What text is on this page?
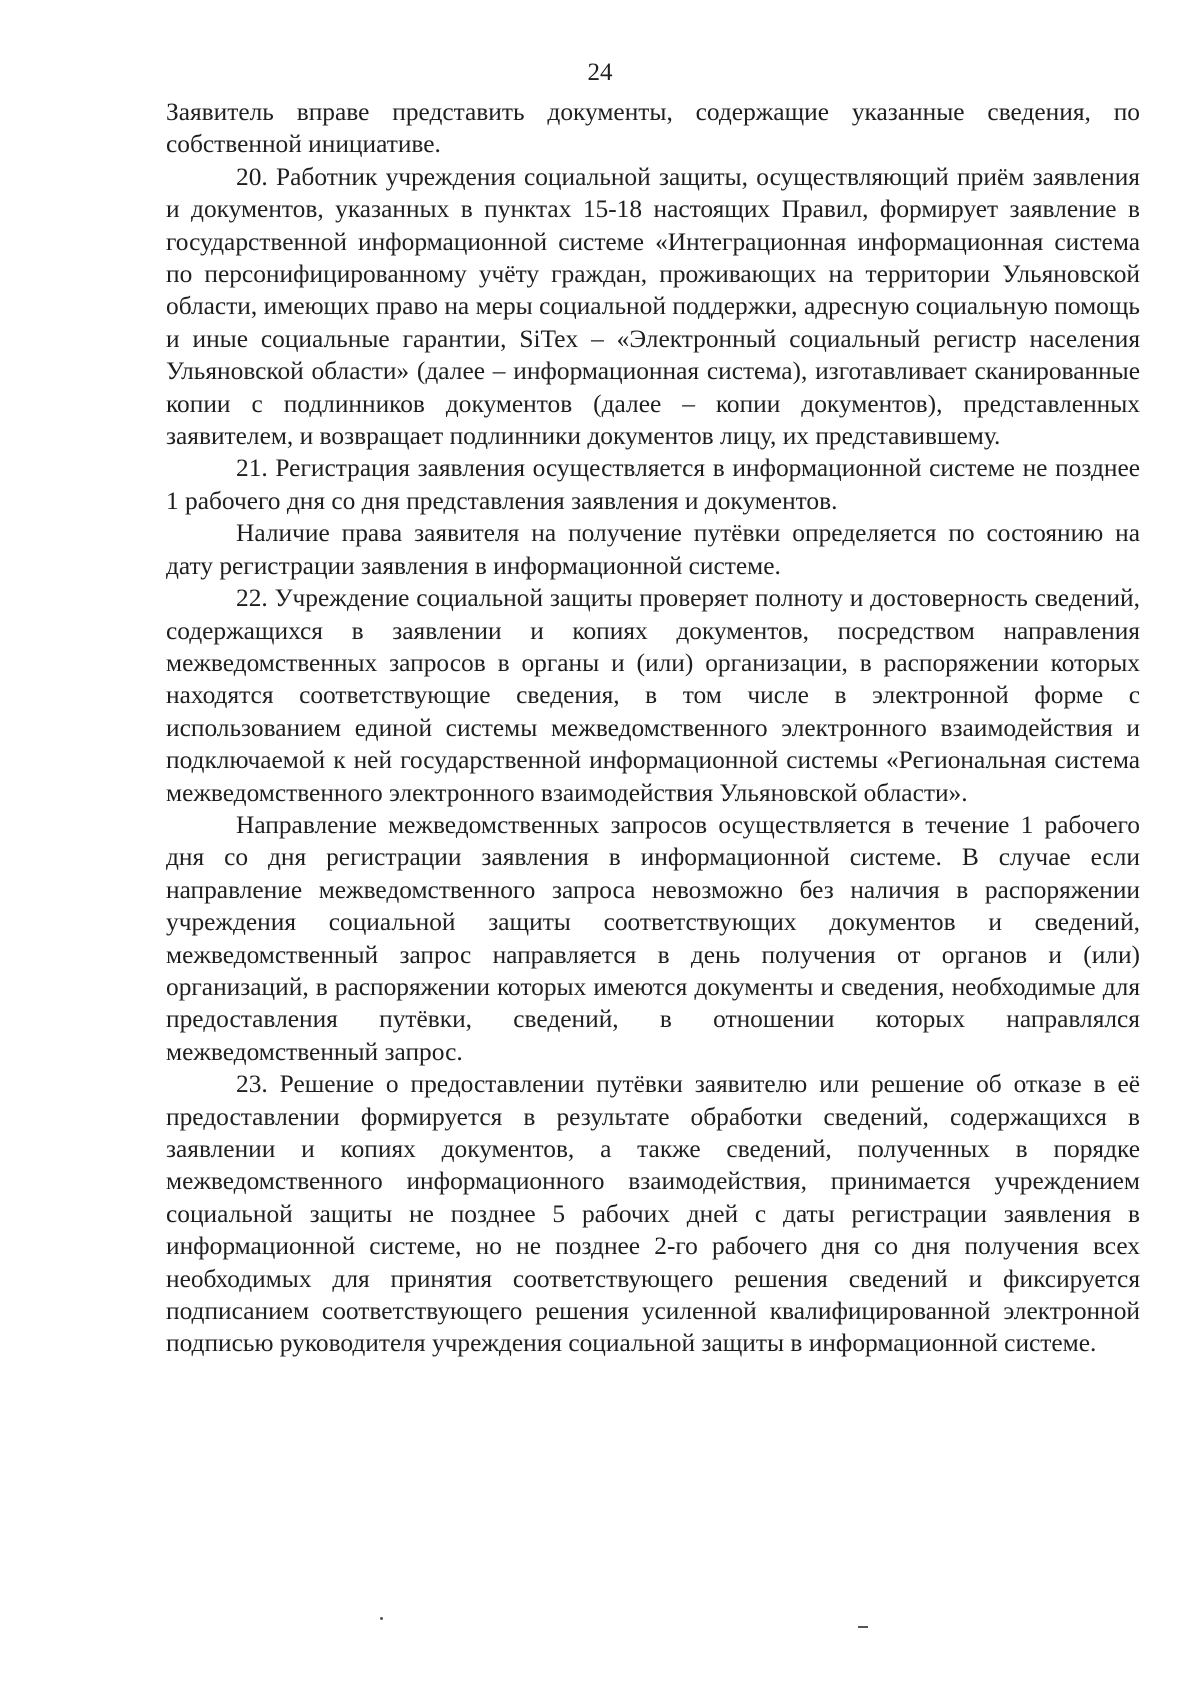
24

Заявитель вправе представить документы, содержащие указанные сведения, по собственной инициативе.

20. Работник учреждения социальной защиты, осуществляющий приём заявления и документов, указанных в пунктах 15-18 настоящих Правил, формирует заявление в государственной информационной системе «Интеграционная информационная система по персонифицированному учёту граждан, проживающих на территории Ульяновской области, имеющих право на меры социальной поддержки, адресную социальную помощь и иные социальные гарантии, SiTex – «Электронный социальный регистр населения Ульяновской области» (далее – информационная система), изготавливает сканированные копии с подлинников документов (далее – копии документов), представленных заявителем, и возвращает подлинники документов лицу, их представившему.

21. Регистрация заявления осуществляется в информационной системе не позднее 1 рабочего дня со дня представления заявления и документов.

Наличие права заявителя на получение путёвки определяется по состоянию на дату регистрации заявления в информационной системе.

22. Учреждение социальной защиты проверяет полноту и достоверность сведений, содержащихся в заявлении и копиях документов, посредством направления межведомственных запросов в органы и (или) организации, в распоряжении которых находятся соответствующие сведения, в том числе в электронной форме с использованием единой системы межведомственного электронного взаимодействия и подключаемой к ней государственной информационной системы «Региональная система межведомственного электронного взаимодействия Ульяновской области».

Направление межведомственных запросов осуществляется в течение 1 рабочего дня со дня регистрации заявления в информационной системе. В случае если направление межведомственного запроса невозможно без наличия в распоряжении учреждения социальной защиты соответствующих документов и сведений, межведомственный запрос направляется в день получения от органов и (или) организаций, в распоряжении которых имеются документы и сведения, необходимые для предоставления путёвки, сведений, в отношении которых направлялся межведомственный запрос.

23. Решение о предоставлении путёвки заявителю или решение об отказе в её предоставлении формируется в результате обработки сведений, содержащихся в заявлении и копиях документов, а также сведений, полученных в порядке межведомственного информационного взаимодействия, принимается учреждением социальной защиты не позднее 5 рабочих дней с даты регистрации заявления в информационной системе, но не позднее 2-го рабочего дня со дня получения всех необходимых для принятия соответствующего решения сведений и фиксируется подписанием соответствующего решения усиленной квалифицированной электронной подписью руководителя учреждения социальной защиты в информационной системе.
